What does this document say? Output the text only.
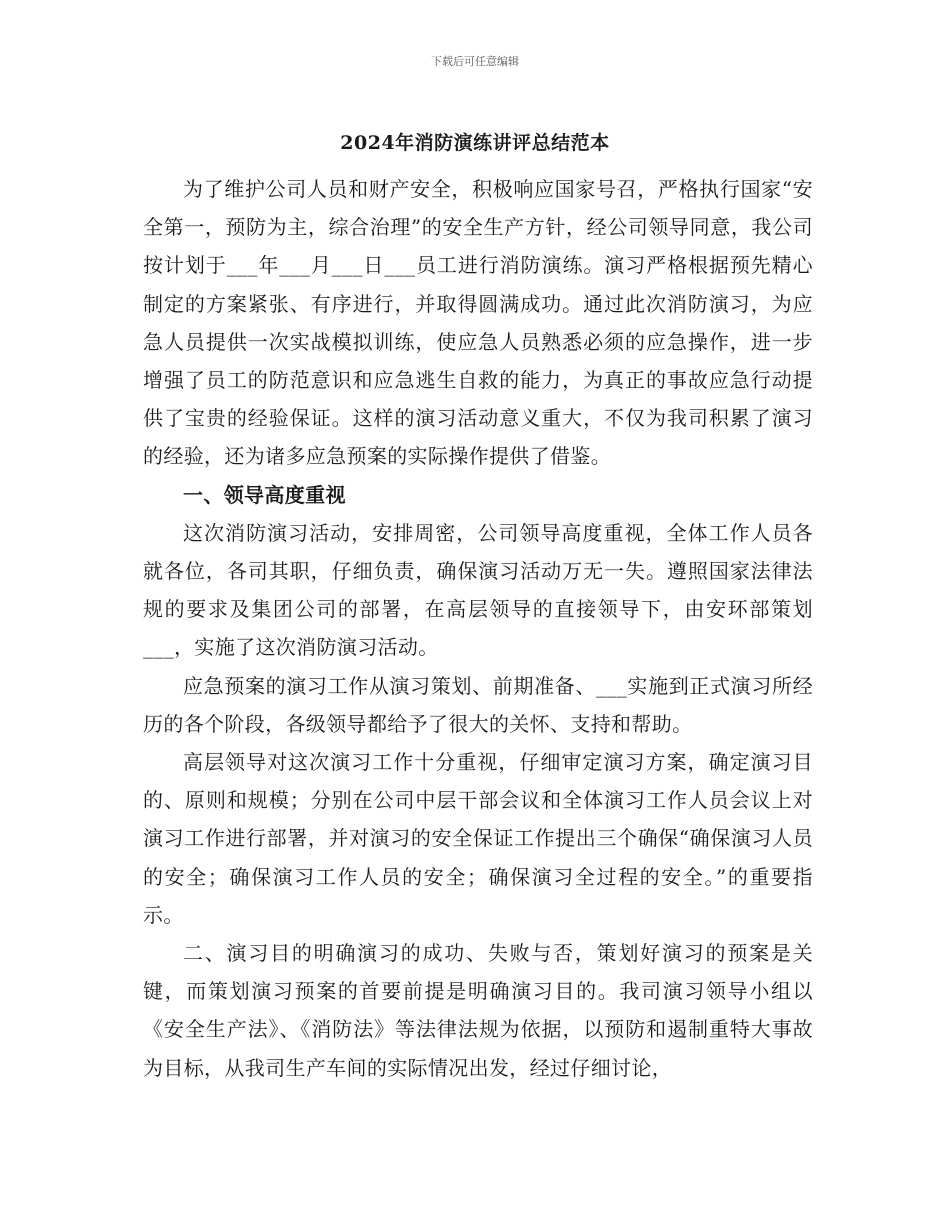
下载后可任意编辑
2024年消防演练讲评总结范本

为了维护公司人员和财产安全，积极响应国家号召，严格执行国家“安全第一，预防为主，综合治理”的安全生产方针，经公司领导同意，我公司按计划于___年___月___日___员工进行消防演练。演习严格根据预先精心制定的方案紧张、有序进行，并取得圆满成功。通过此次消防演习，为应急人员提供一次实战模拟训练，使应急人员熟悉必须的应急操作，进一步增强了员工的防范意识和应急逃生自救的能力，为真正的事故应急行动提供了宝贵的经验保证。这样的演习活动意义重大，不仅为我司积累了演习的经验，还为诸多应急预案的实际操作提供了借鉴。

一、领导高度重视

这次消防演习活动，安排周密，公司领导高度重视，全体工作人员各就各位，各司其职，仔细负责，确保演习活动万无一失。遵照国家法律法规的要求及集团公司的部署，在高层领导的直接领导下，由安环部策划___，实施了这次消防演习活动。

应急预案的演习工作从演习策划、前期准备、___实施到正式演习所经历的各个阶段，各级领导都给予了很大的关怀、支持和帮助。

高层领导对这次演习工作十分重视，仔细审定演习方案，确定演习目的、原则和规模；分别在公司中层干部会议和全体演习工作人员会议上对演习工作进行部署，并对演习的安全保证工作提出三个确保“确保演习人员的安全；确保演习工作人员的安全；确保演习全过程的安全。”的重要指示。

二、演习目的明确演习的成功、失败与否，策划好演习的预案是关键，而策划演习预案的首要前提是明确演习目的。我司演习领导小组以《安全生产法》、《消防法》等法律法规为依据，以预防和遏制重特大事故为目标，从我司生产车间的实际情况出发，经过仔细讨论，
